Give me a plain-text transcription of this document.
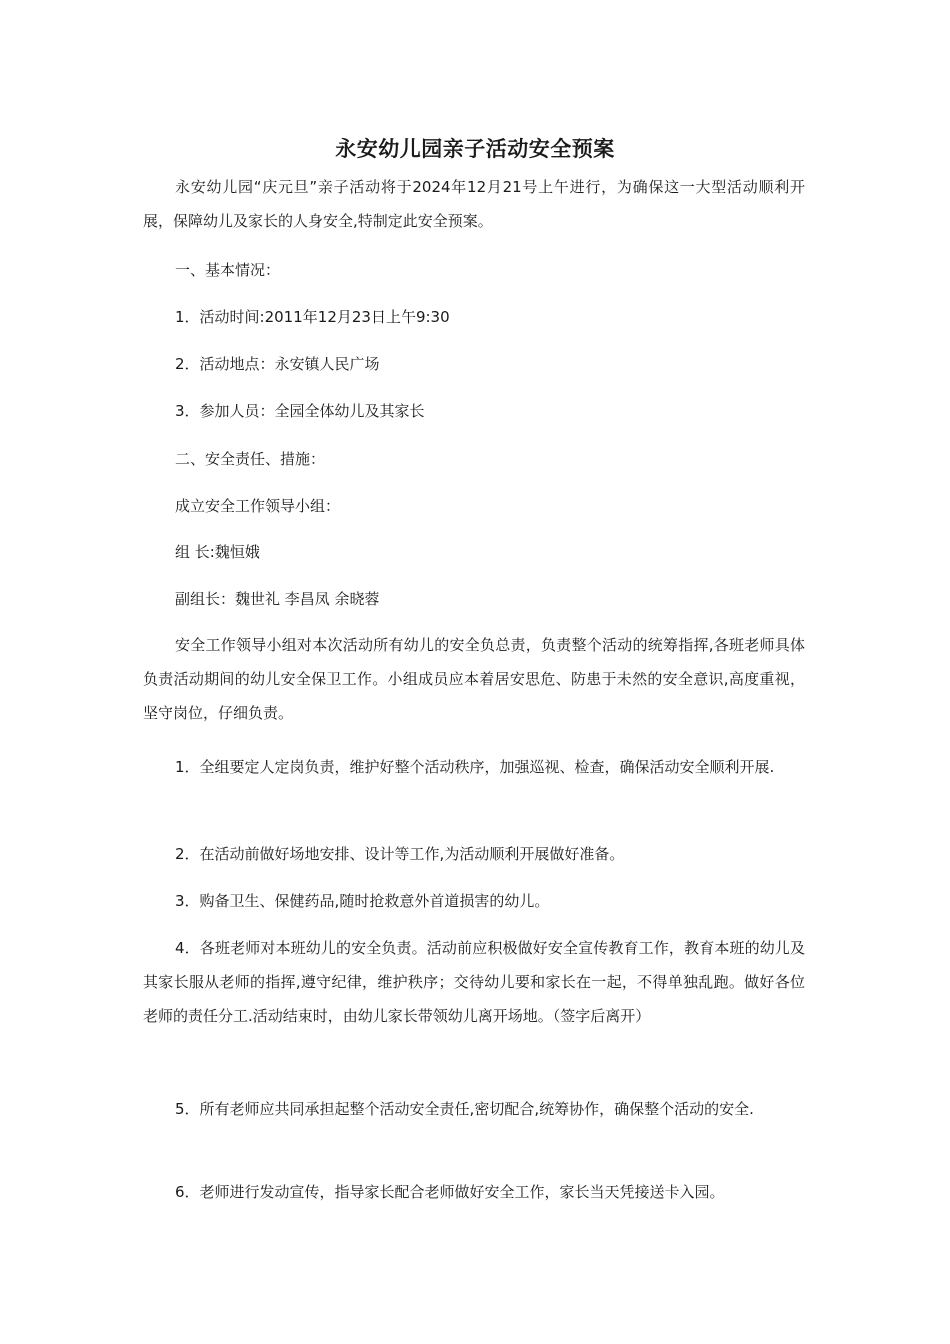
永安幼儿园亲子活动安全预案

永安幼儿园“庆元旦”亲子活动将于2024年12月21号上午进行，为确保这一大型活动顺利开展，保障幼儿及家长的人身安全,特制定此安全预案。

一、基本情况：

1．活动时间:2011年12月23日上午9:30

2．活动地点：永安镇人民广场

3．参加人员：全园全体幼儿及其家长

二、安全责任、措施：

成立安全工作领导小组：

组 长:魏恒娥

副组长：魏世礼 李昌凤 余晓蓉

安全工作领导小组对本次活动所有幼儿的安全负总责，负责整个活动的统筹指挥,各班老师具体负责活动期间的幼儿安全保卫工作。小组成员应本着居安思危、防患于未然的安全意识,高度重视，坚守岗位，仔细负责。

1．全组要定人定岗负责，维护好整个活动秩序，加强巡视、检查，确保活动安全顺利开展.

2．在活动前做好场地安排、设计等工作,为活动顺利开展做好准备。

3．购备卫生、保健药品,随时抢救意外首道损害的幼儿。

4．各班老师对本班幼儿的安全负责。活动前应积极做好安全宣传教育工作，教育本班的幼儿及其家长服从老师的指挥,遵守纪律，维护秩序；交待幼儿要和家长在一起，不得单独乱跑。做好各位老师的责任分工.活动结束时，由幼儿家长带领幼儿离开场地。（签字后离开）

5．所有老师应共同承担起整个活动安全责任,密切配合,统筹协作，确保整个活动的安全.

6．老师进行发动宣传，指导家长配合老师做好安全工作，家长当天凭接送卡入园。
